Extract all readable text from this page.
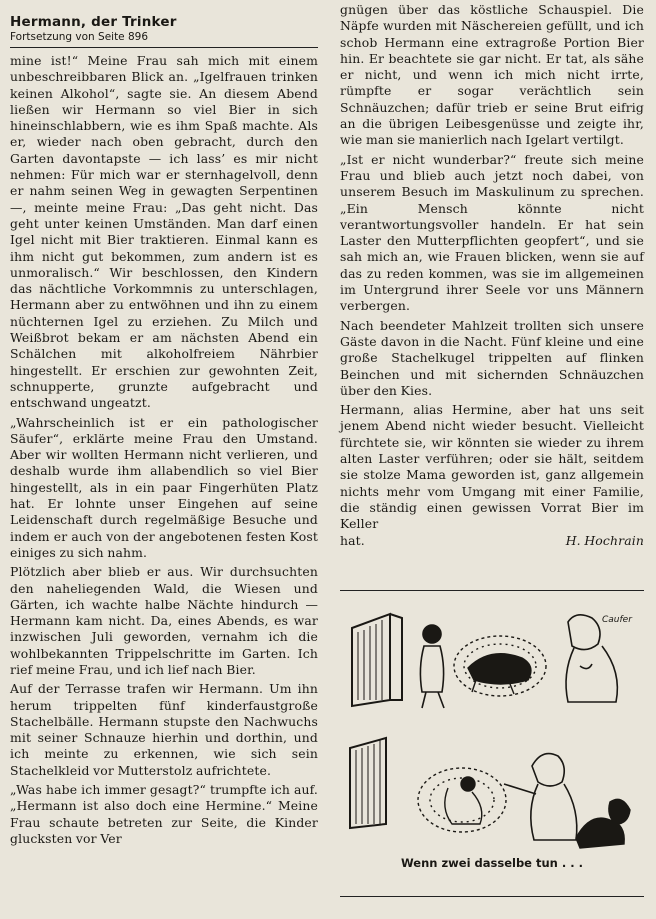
Hermann, der Trinker
Fortsetzung von Seite 896

mine ist!“ Meine Frau sah mich mit einem unbeschreibbaren Blick an. „Igelfrauen trinken keinen Alkohol“, sagte sie. An diesem Abend ließen wir Hermann so viel Bier in sich hineinschlabbern, wie es ihm Spaß machte. Als er, wieder nach oben gebracht, durch den Garten davontapste — ich lass’ es mir nicht nehmen: Für mich war er sternhagelvoll, denn er nahm seinen Weg in gewagten Serpentinen —, meinte meine Frau: „Das geht nicht. Das geht unter keinen Umständen. Man darf einen Igel nicht mit Bier traktieren. Einmal kann es ihm nicht gut bekommen, zum andern ist es unmoralisch.“ Wir beschlossen, den Kindern das nächtliche Vorkommnis zu unterschlagen, Hermann aber zu entwöhnen und ihn zu einem nüchternen Igel zu erziehen. Zu Milch und Weißbrot bekam er am nächsten Abend ein Schälchen mit alkoholfreiem Nährbier hingestellt. Er erschien zur gewohnten Zeit, schnupperte, grunzte aufgebracht und entschwand ungeatzt.

„Wahrscheinlich ist er ein pathologischer Säufer“, erklärte meine Frau den Umstand. Aber wir wollten Hermann nicht verlieren, und deshalb wurde ihm allabendlich so viel Bier hingestellt, als in ein paar Fingerhüten Platz hat. Er lohnte unser Eingehen auf seine Leidenschaft durch regelmäßige Besuche und indem er auch von der angebotenen festen Kost einiges zu sich nahm.

Plötzlich aber blieb er aus. Wir durchsuchten den naheliegenden Wald, die Wiesen und Gärten, ich wachte halbe Nächte hindurch — Hermann kam nicht. Da, eines Abends, es war inzwischen Juli geworden, vernahm ich die wohlbekannten Trippelschritte im Garten. Ich rief meine Frau, und ich lief nach Bier.

Auf der Terrasse trafen wir Hermann. Um ihn herum trippelten fünf kinderfaustgroße Stachelbälle. Hermann stupste den Nachwuchs mit seiner Schnauze hierhin und dorthin, und ich meinte zu erkennen, wie sich sein Stachelkleid vor Mutterstolz aufrichtete.

„Was habe ich immer gesagt?“ trumpfte ich auf. „Hermann ist also doch eine Hermine.“ Meine Frau schaute betreten zur Seite, die Kinder glucksten vor Ver

gnügen über das köstliche Schauspiel. Die Näpfe wurden mit Näschereien gefüllt, und ich schob Hermann eine extragroße Portion Bier hin. Er beachtete sie gar nicht. Er tat, als sähe er nicht, und wenn ich mich nicht irrte, rümpfte er sogar verächtlich sein Schnäuzchen; dafür trieb er seine Brut eifrig an die übrigen Leibesgenüsse und zeigte ihr, wie man sie manierlich nach Igelart vertilgt.

„Ist er nicht wunderbar?“ freute sich meine Frau und blieb auch jetzt noch dabei, von unserem Besuch im Maskulinum zu sprechen. „Ein Mensch könnte nicht verantwortungsvoller handeln. Er hat sein Laster den Mutterpflichten geopfert“, und sie sah mich an, wie Frauen blicken, wenn sie auf das zu reden kommen, was sie im allgemeinen im Untergrund ihrer Seele vor uns Männern verbergen.

Nach beendeter Mahlzeit trollten sich unsere Gäste davon in die Nacht. Fünf kleine und eine große Stachelkugel trippelten auf flinken Beinchen und mit sichernden Schnäuzchen über den Kies.

Hermann, alias Hermine, aber hat uns seit jenem Abend nicht wieder besucht. Vielleicht fürchtete sie, wir könnten sie wieder zu ihrem alten Laster verführen; oder sie hält, seitdem sie stolze Mama geworden ist, ganz allgemein nichts mehr vom Umgang mit einer Familie, die ständig einen gewissen Vorrat Bier im Keller
hat.	H. Hochrain

Caufer
Wenn zwei dasselbe tun . . .
